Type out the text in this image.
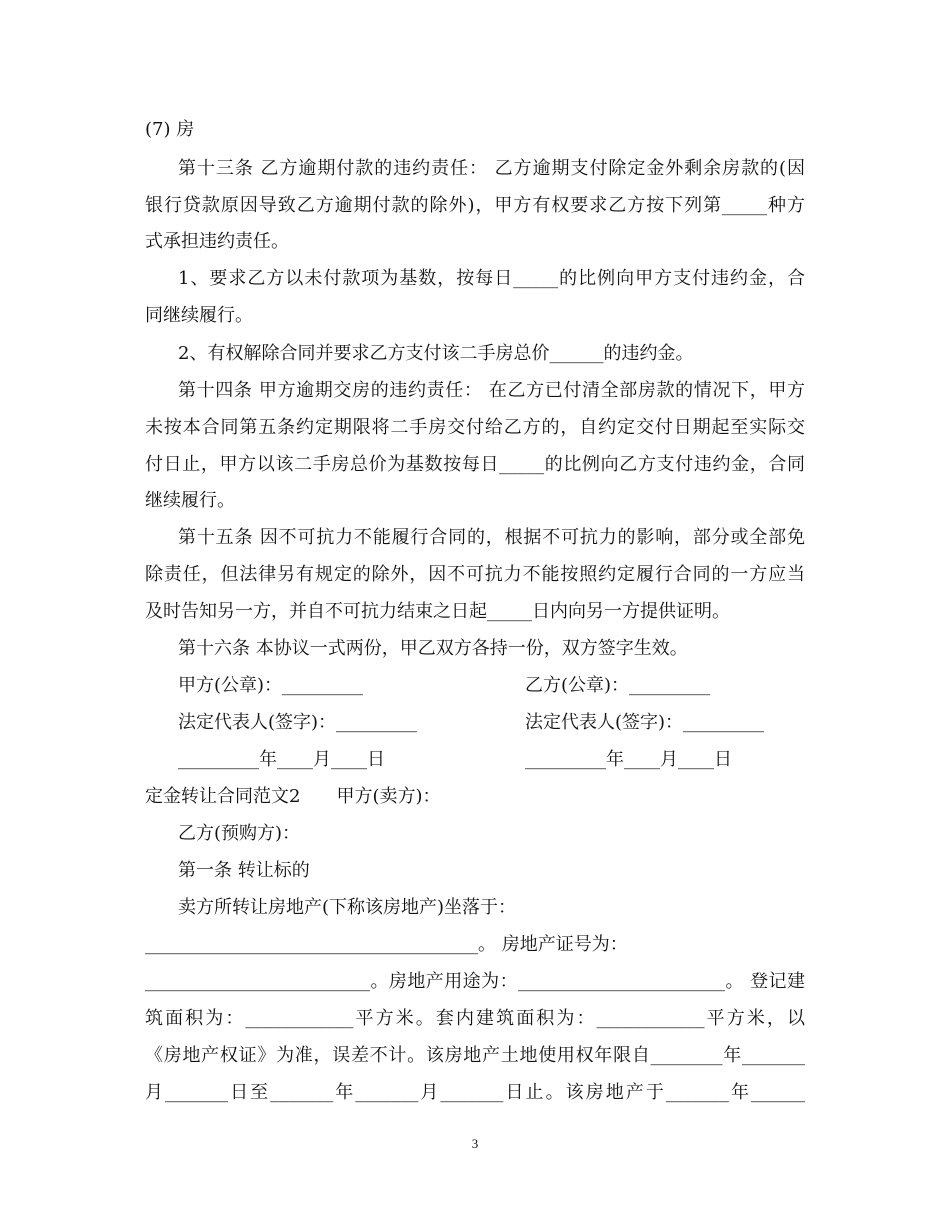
(7) 房
第十三条 乙方逾期付款的违约责任： 乙方逾期支付除定金外剩余房款的(因
银行贷款原因导致乙方逾期付款的除外)，甲方有权要求乙方按下列第_____种方
式承担违约责任。
1、要求乙方以未付款项为基数，按每日_____的比例向甲方支付违约金，合
同继续履行。
2、有权解除合同并要求乙方支付该二手房总价______的违约金。
第十四条 甲方逾期交房的违约责任： 在乙方已付清全部房款的情况下，甲方
未按本合同第五条约定期限将二手房交付给乙方的，自约定交付日期起至实际交
付日止，甲方以该二手房总价为基数按每日_____的比例向乙方支付违约金，合同
继续履行。
第十五条 因不可抗力不能履行合同的，根据不可抗力的影响，部分或全部免
除责任，但法律另有规定的除外，因不可抗力不能按照约定履行合同的一方应当
及时告知另一方，并自不可抗力结束之日起_____日内向另一方提供证明。
第十六条 本协议一式两份，甲乙双方各持一份，双方签字生效。
甲方(公章)：_________	乙方(公章)：_________
法定代表人(签字)：_________	法定代表人(签字)：_________
_________年____月____日	_________年____月____日
定金转让合同范文2　　甲方(卖方)：
乙方(预购方)：
第一条 转让标的
卖方所转让房地产(下称该房地产)坐落于：
_____________________________________。 房地产证号为：
_________________________。房地产用途为：_______________________。 登记建
筑面积为：____________平方米。套内建筑面积为：____________平方米，以
《房地产权证》为准，误差不计。该房地产土地使用权年限自________年_______
月_______日至_______年_______月_______日止。该房地产于_______年______
3
